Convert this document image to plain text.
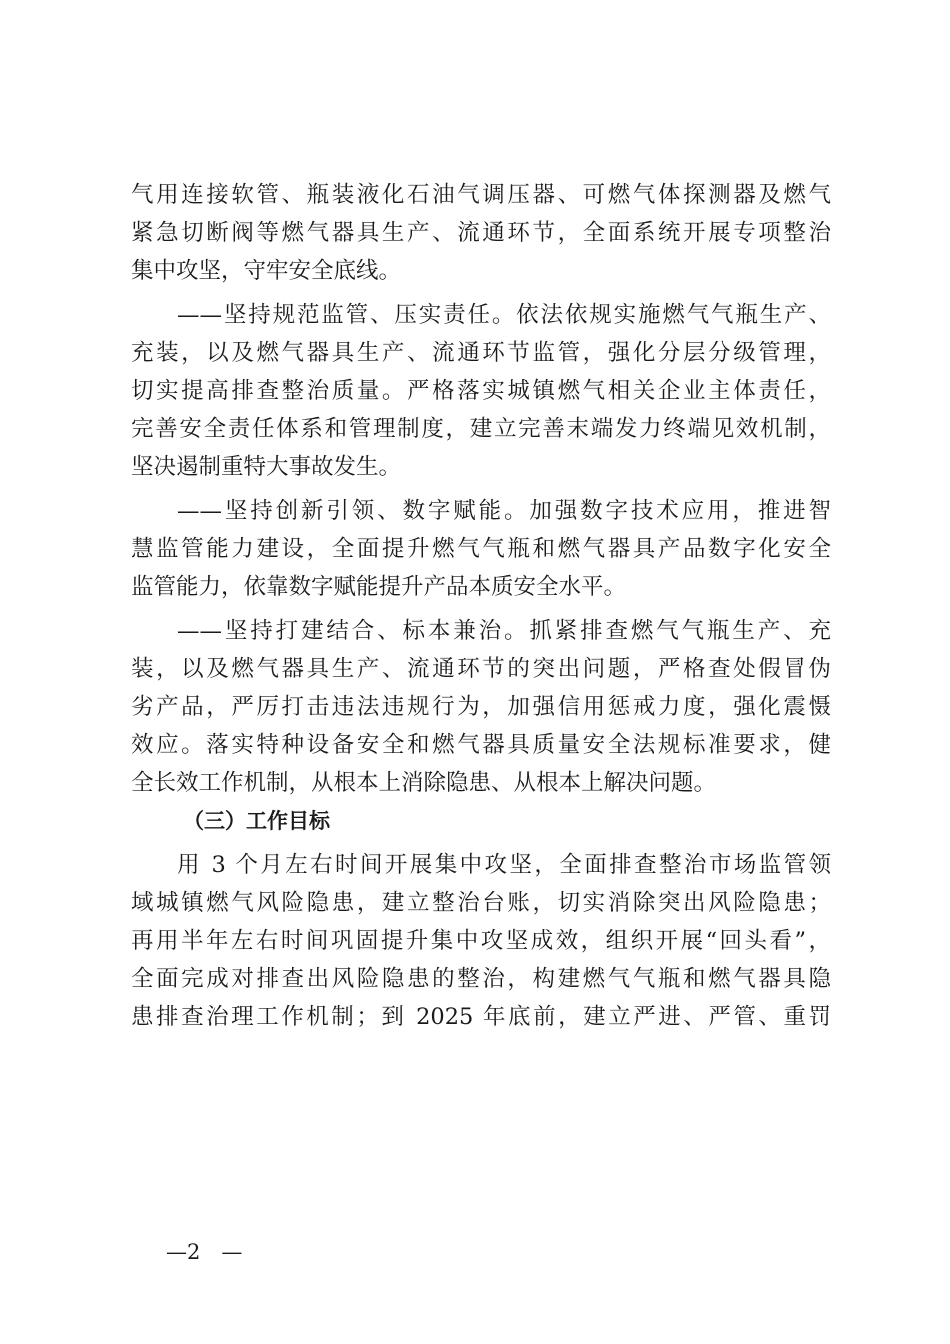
气用连接软管、瓶装液化石油气调压器、可燃气体探测器及燃气
紧急切断阀等燃气器具生产、流通环节，全面系统开展专项整治
集中攻坚，守牢安全底线。
——坚持规范监管、压实责任。依法依规实施燃气气瓶生产、
充装，以及燃气器具生产、流通环节监管，强化分层分级管理，
切实提高排查整治质量。严格落实城镇燃气相关企业主体责任，
完善安全责任体系和管理制度，建立完善末端发力终端见效机制，
坚决遏制重特大事故发生。
——坚持创新引领、数字赋能。加强数字技术应用，推进智
慧监管能力建设，全面提升燃气气瓶和燃气器具产品数字化安全
监管能力，依靠数字赋能提升产品本质安全水平。
——坚持打建结合、标本兼治。抓紧排查燃气气瓶生产、充
装，以及燃气器具生产、流通环节的突出问题，严格查处假冒伪
劣产品，严厉打击违法违规行为，加强信用惩戒力度，强化震慑
效应。落实特种设备安全和燃气器具质量安全法规标准要求，健
全长效工作机制，从根本上消除隐患、从根本上解决问题。
（三）工作目标
用 3 个月左右时间开展集中攻坚，全面排查整治市场监管领
域城镇燃气风险隐患，建立整治台账，切实消除突出风险隐患；
再用半年左右时间巩固提升集中攻坚成效，组织开展“回头看”，
全面完成对排查出风险隐患的整治，构建燃气气瓶和燃气器具隐
患排查治理工作机制；到 2025 年底前，建立严进、严管、重罚
—2　—
